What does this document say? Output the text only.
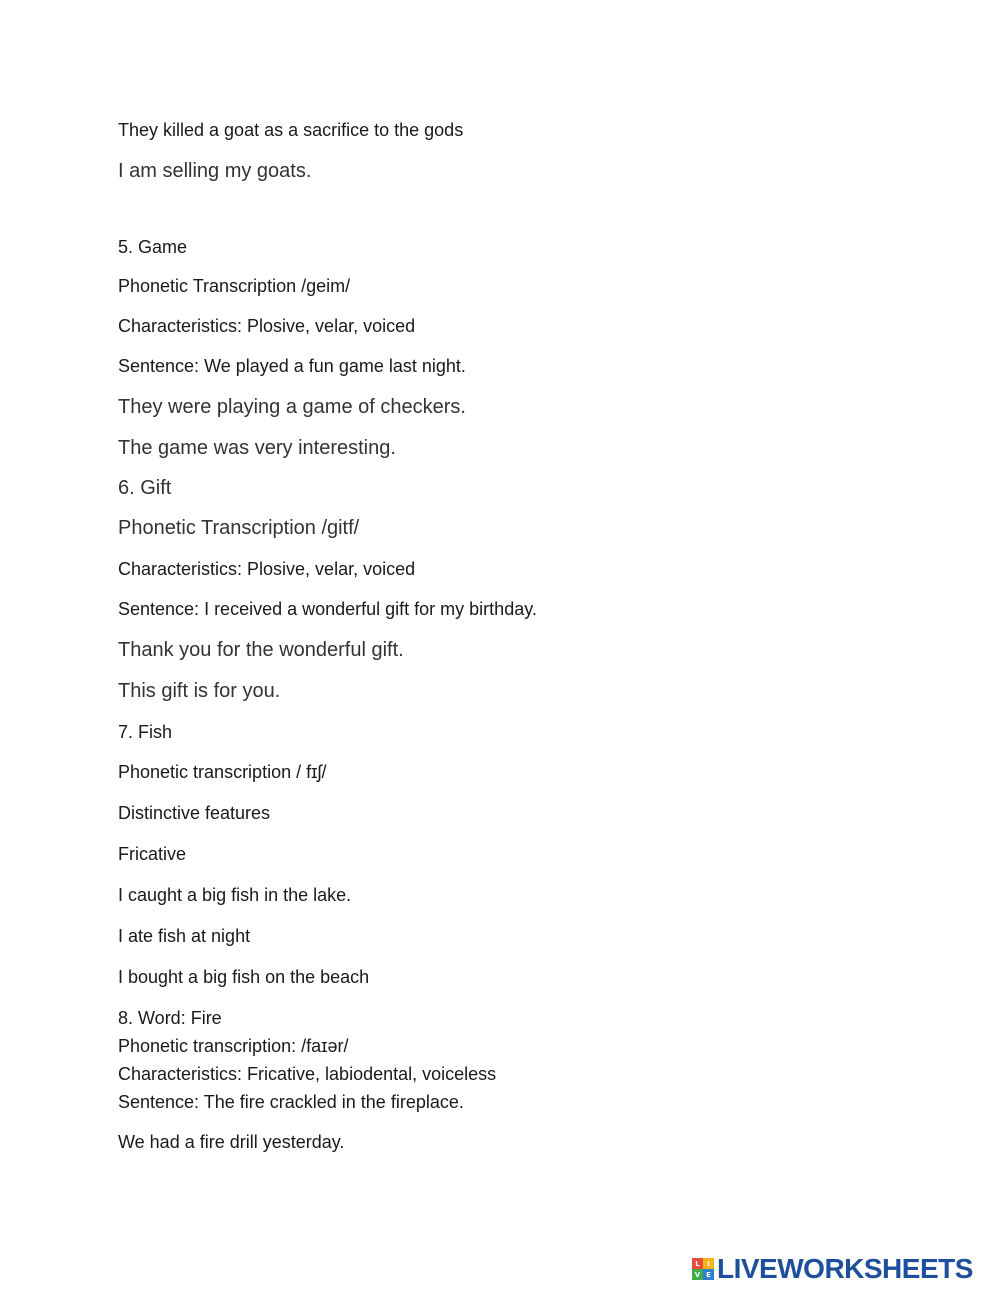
They killed a goat as a sacrifice to the gods
I am selling my goats.
5. Game
Phonetic Transcription /geim/
Characteristics: Plosive, velar, voiced
Sentence: We played a fun game last night.
They were playing a game of checkers.
The game was very interesting.
6. Gift
Phonetic Transcription /gitf/
Characteristics: Plosive, velar, voiced
Sentence: I received a wonderful gift for my birthday.
Thank you for the wonderful gift.
This gift is for you.
7. Fish
Phonetic transcription / fɪʃ/
Distinctive features
Fricative
I caught a big fish in the lake.
I ate fish at night
I bought a big fish on the beach
8. Word: Fire
Phonetic transcription: /faɪər/
Characteristics: Fricative, labiodental, voiceless
Sentence: The fire crackled in the fireplace.
We had a fire drill yesterday.
L	I
V E LIVEWORKSHEETS
